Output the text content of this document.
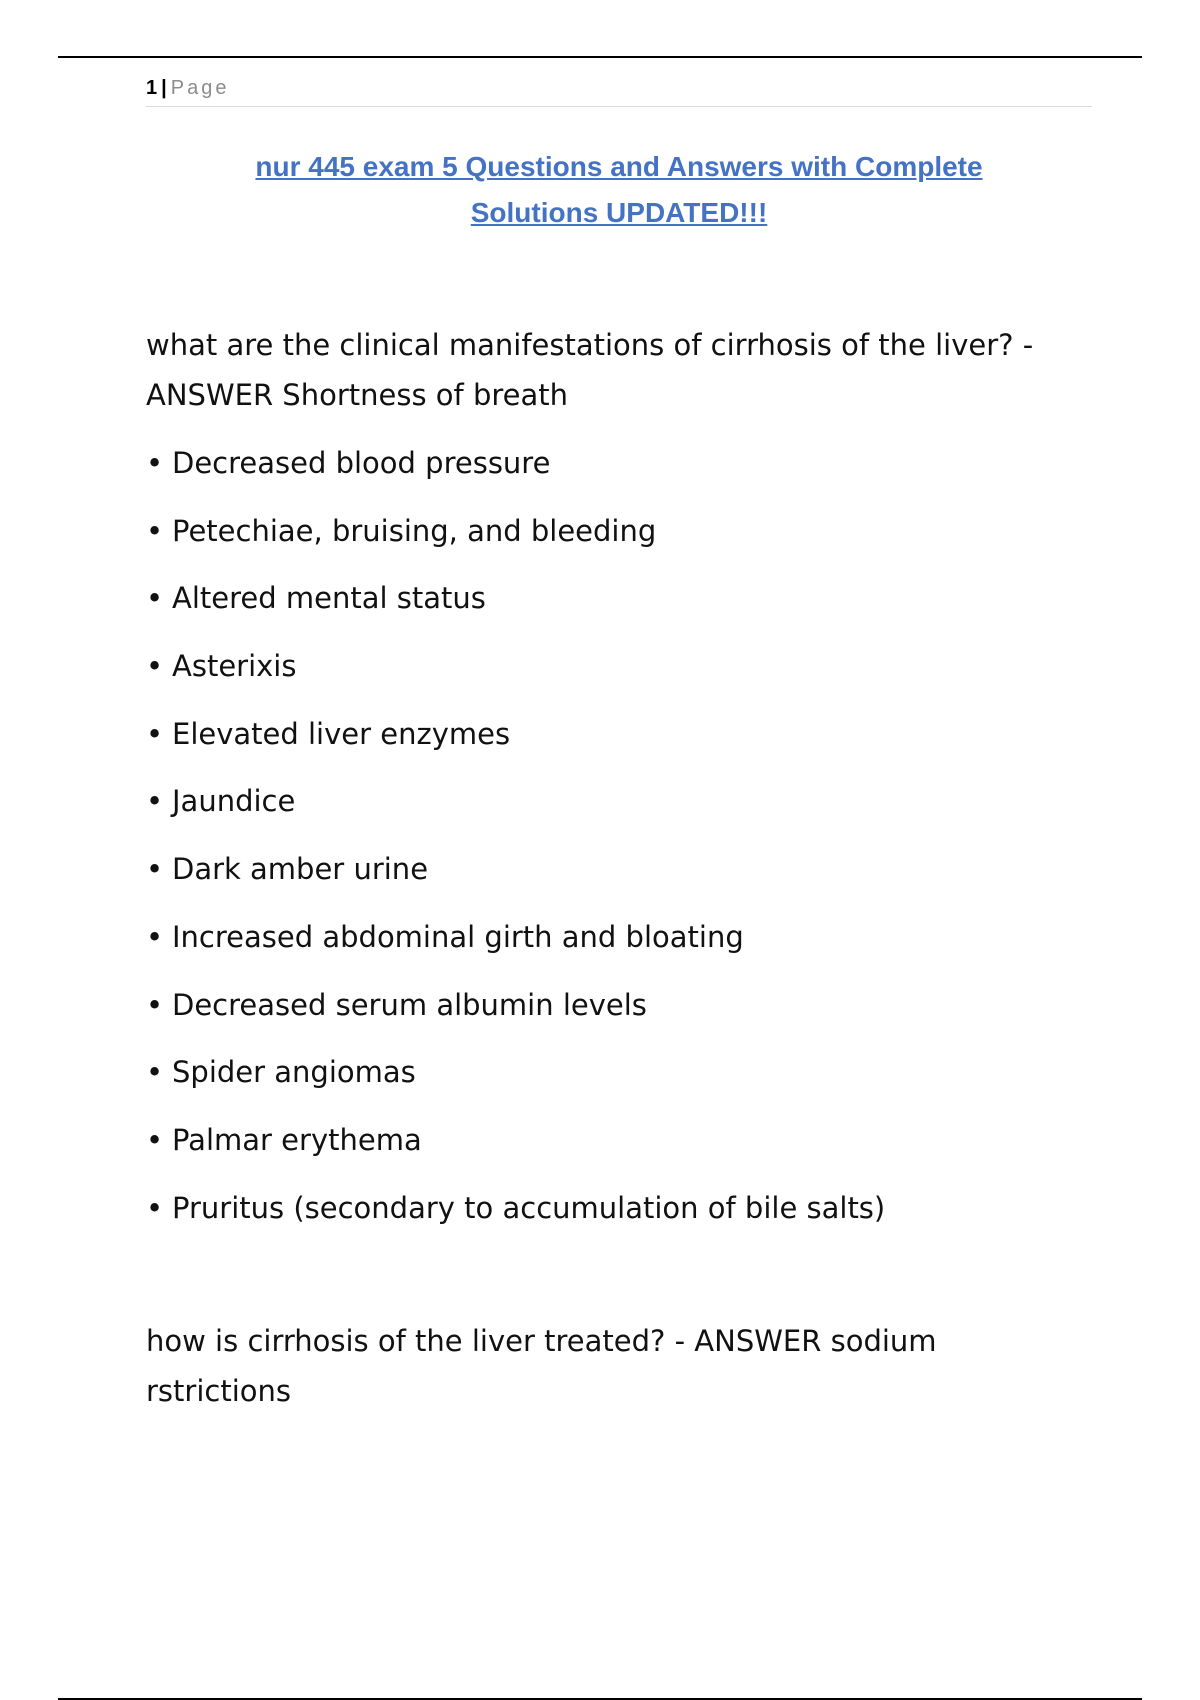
1 | Page
nur 445 exam 5 Questions and Answers with Complete
Solutions UPDATED!!!
what are the clinical manifestations of cirrhosis of the liver? - ANSWER Shortness of breath
• Decreased blood pressure
• Petechiae, bruising, and bleeding
• Altered mental status
• Asterixis
• Elevated liver enzymes
• Jaundice
• Dark amber urine
• Increased abdominal girth and bloating
• Decreased serum albumin levels
• Spider angiomas
• Palmar erythema
• Pruritus (secondary to accumulation of bile salts)
how is cirrhosis of the liver treated? - ANSWER sodium rstrictions
